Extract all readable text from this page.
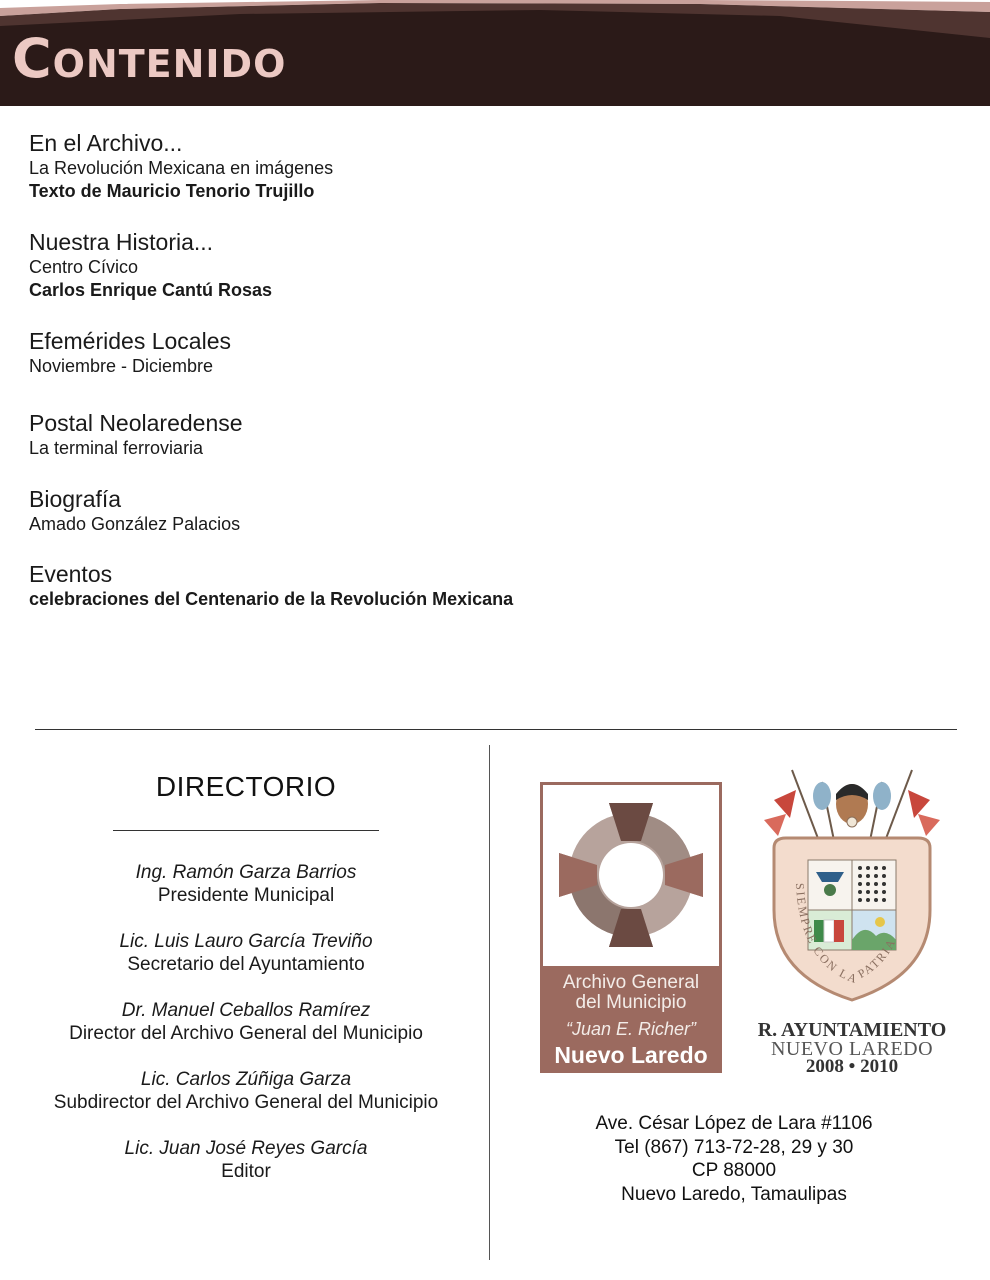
Contenido
En el Archivo...
La Revolución Mexicana en imágenes
Texto de Mauricio Tenorio Trujillo
Nuestra Historia...
Centro Cívico
Carlos Enrique Cantú Rosas
Efemérides Locales
Noviembre - Diciembre
Postal Neolaredense
La terminal ferroviaria
Biografía
Amado González Palacios
Eventos
celebraciones del Centenario de la Revolución Mexicana
DIRECTORIO
Ing. Ramón Garza Barrios
Presidente Municipal
Lic. Luis Lauro García Treviño
Secretario del Ayuntamiento
Dr. Manuel Ceballos Ramírez
Director del Archivo General del Municipio
Lic. Carlos Zúñiga Garza
Subdirector del Archivo General del Municipio
Lic. Juan José Reyes García
Editor
Archivo General
del Municipio
“Juan E. Richer”
Nuevo Laredo
SIEMPRE CON LA PATRIA
R. AYUNTAMIENTO
NUEVO LAREDO
2008 • 2010
Ave. César López de Lara #1106
Tel (867) 713-72-28, 29 y 30
CP 88000
Nuevo Laredo, Tamaulipas
